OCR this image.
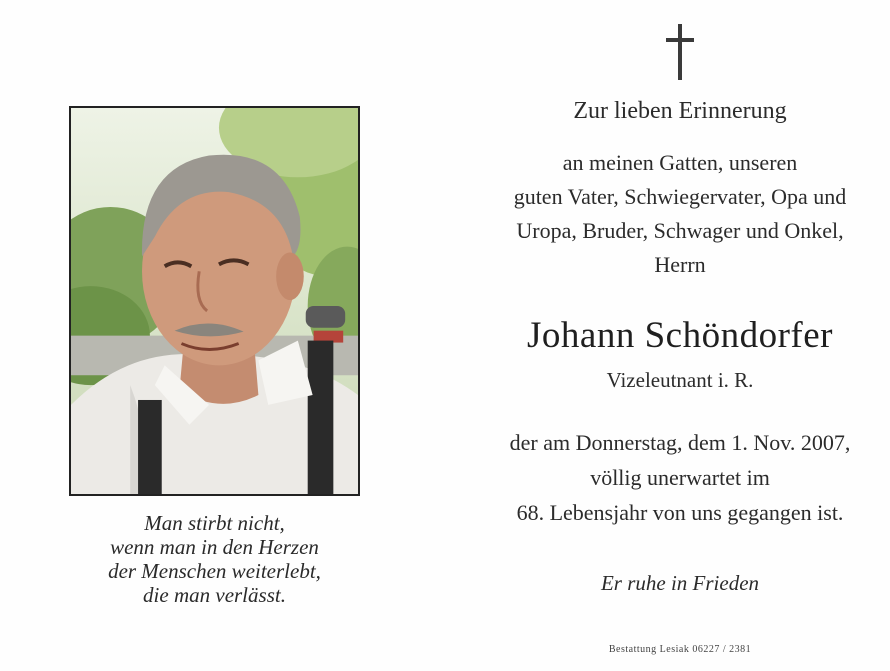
Man stirbt nicht,
wenn man in den Herzen
der Menschen weiterlebt,
die man verlässt.
Zur lieben Erinnerung
an meinen Gatten, unseren
guten Vater, Schwiegervater, Opa und
Uropa, Bruder, Schwager und Onkel,
Herrn
Johann Schöndorfer
Vizeleutnant i. R.
der am Donnerstag, dem 1. Nov. 2007,
völlig unerwartet im
68. Lebensjahr von uns gegangen ist.
Er ruhe in Frieden
Bestattung Lesiak 06227 / 2381
